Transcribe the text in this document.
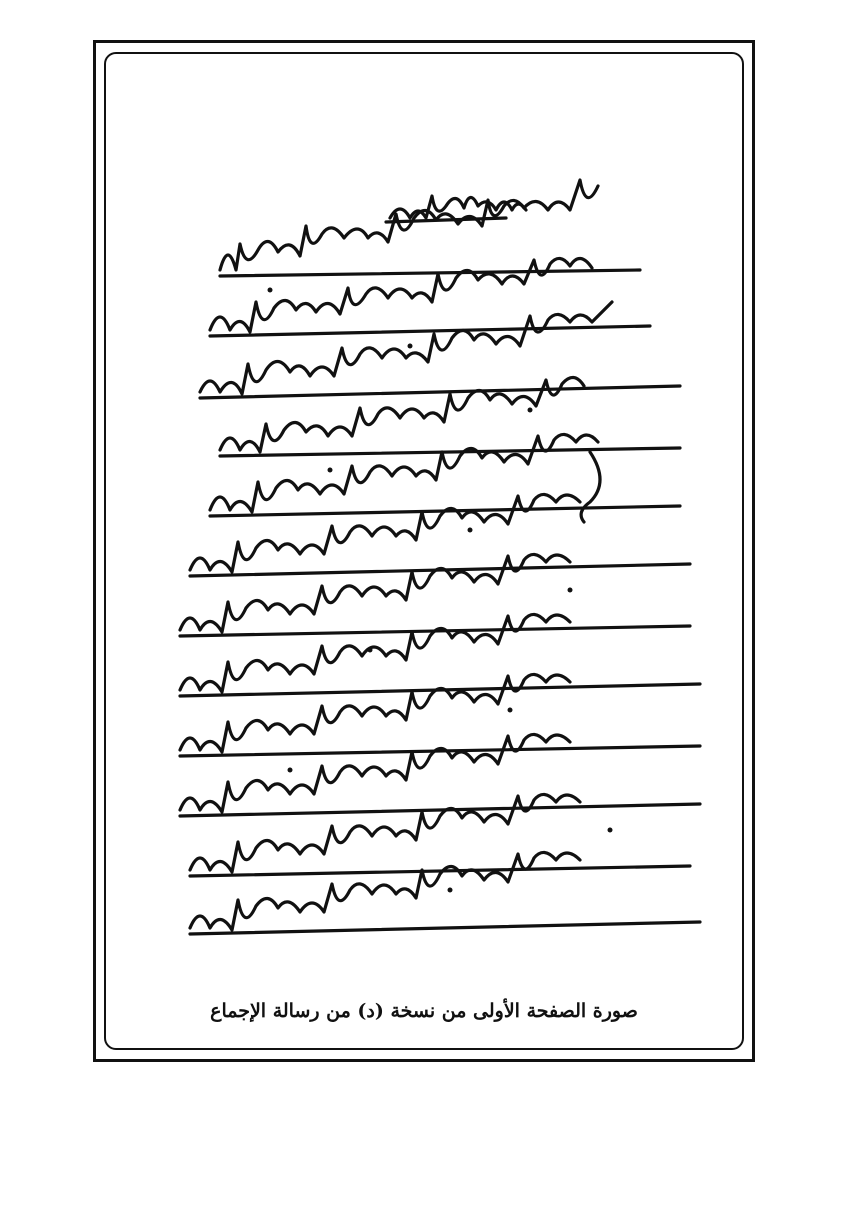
صورة الصفحة الأولى من نسخة (د) من رسالة الإجماع
